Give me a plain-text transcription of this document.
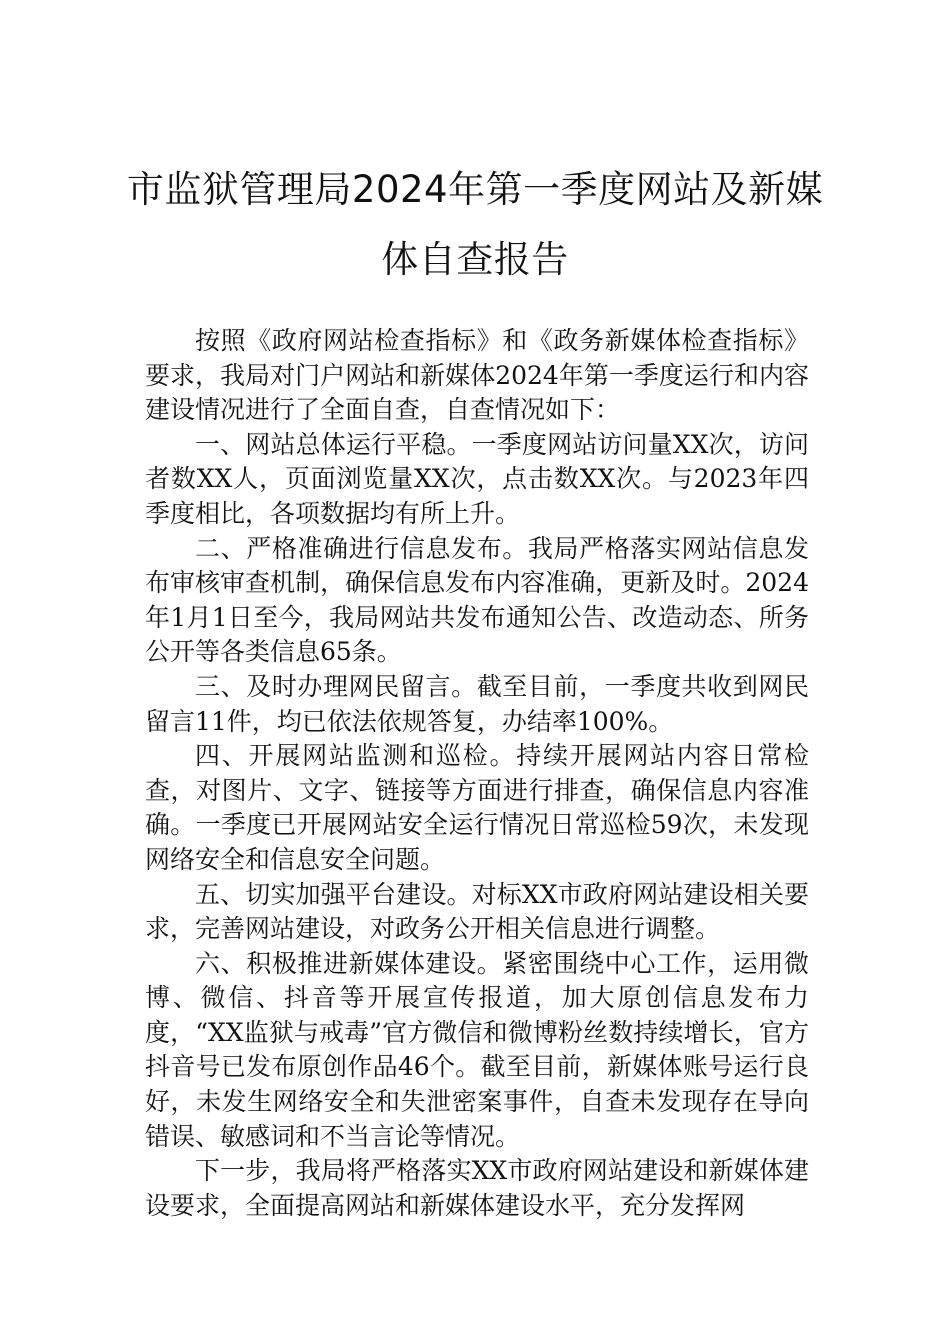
市监狱管理局2024年第一季度网站及新媒
体自查报告

按照《政府网站检查指标》和《政务新媒体检查指标》要求，我局对门户网站和新媒体2024年第一季度运行和内容建设情况进行了全面自查，自查情况如下：

一、网站总体运行平稳。一季度网站访问量XX次，访问者数XX人，页面浏览量XX次，点击数XX次。与2023年四季度相比，各项数据均有所上升。

二、严格准确进行信息发布。我局严格落实网站信息发布审核审查机制，确保信息发布内容准确，更新及时。2024年1月1日至今，我局网站共发布通知公告、改造动态、所务公开等各类信息65条。

三、及时办理网民留言。截至目前，一季度共收到网民留言11件，均已依法依规答复，办结率100%。

四、开展网站监测和巡检。持续开展网站内容日常检查，对图片、文字、链接等方面进行排查，确保信息内容准确。一季度已开展网站安全运行情况日常巡检59次，未发现网络安全和信息安全问题。

五、切实加强平台建设。对标XX市政府网站建设相关要求，完善网站建设，对政务公开相关信息进行调整。

六、积极推进新媒体建设。紧密围绕中心工作，运用微博、微信、抖音等开展宣传报道，加大原创信息发布力度，“XX监狱与戒毒”官方微信和微博粉丝数持续增长，官方抖音号已发布原创作品46个。截至目前，新媒体账号运行良好，未发生网络安全和失泄密案事件，自查未发现存在导向错误、敏感词和不当言论等情况。

下一步，我局将严格落实XX市政府网站建设和新媒体建设要求，全面提高网站和新媒体建设水平，充分发挥网
